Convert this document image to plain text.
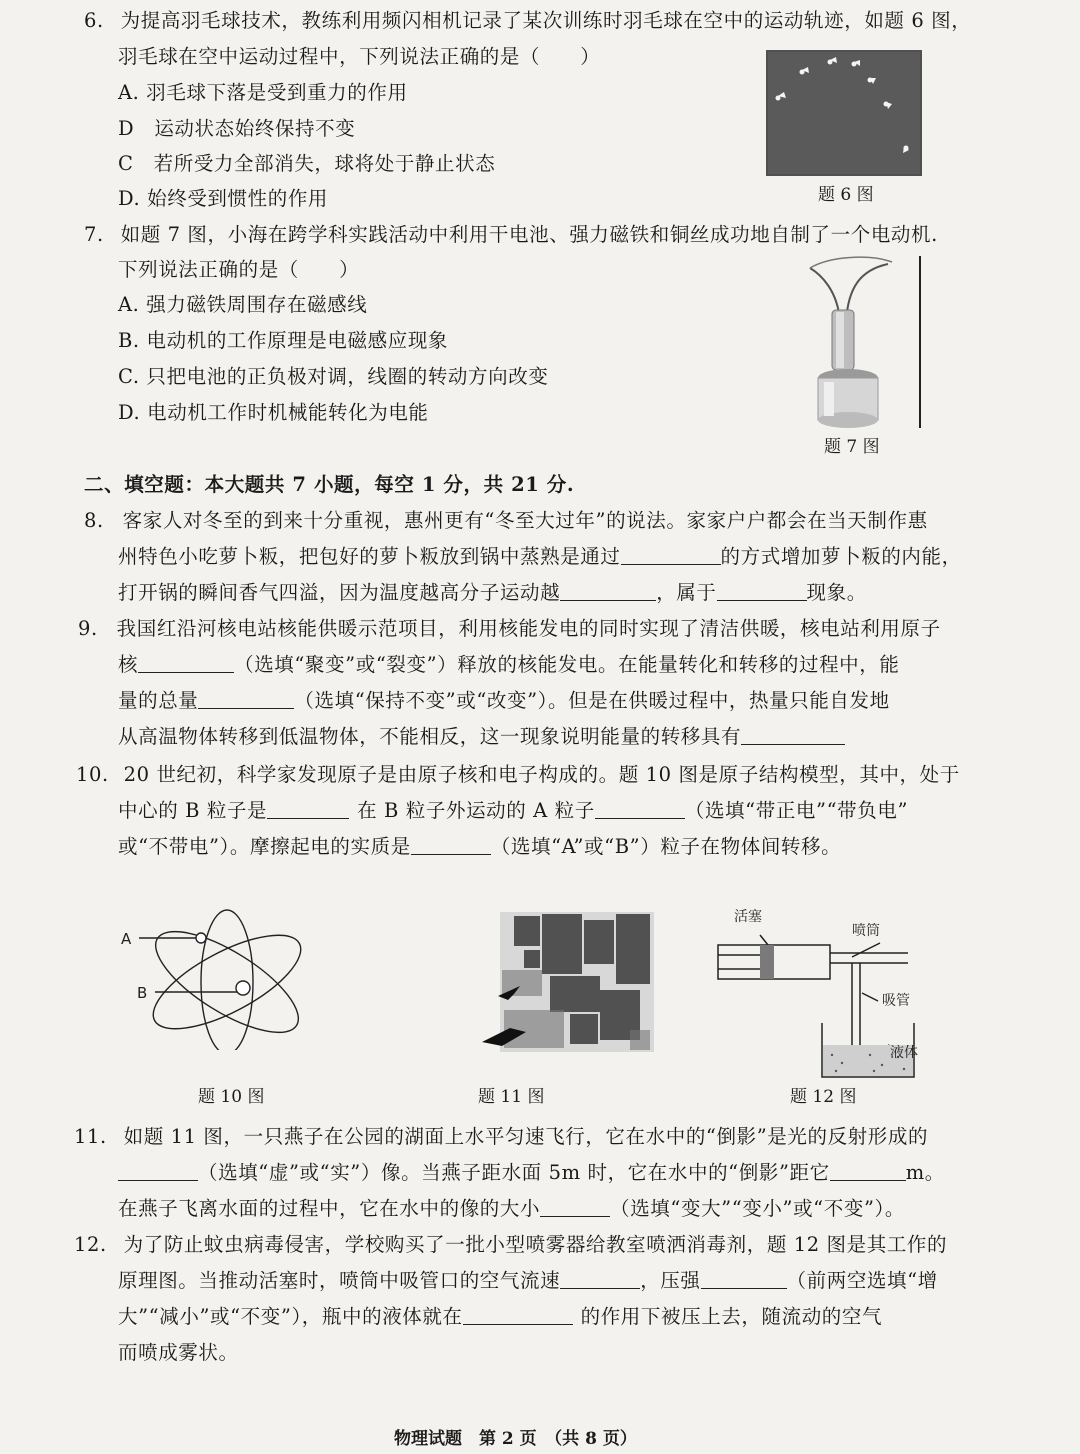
6. 为提高羽毛球技术，教练利用频闪相机记录了某次训练时羽毛球在空中的运动轨迹，如题 6 图，
羽毛球在空中运动过程中，下列说法正确的是（　　）
A. 羽毛球下落是受到重力的作用
D　运动状态始终保持不变
C　若所受力全部消失，球将处于静止状态
D. 始终受到惯性的作用	题 6 图
7. 如题 7 图，小海在跨学科实践活动中利用干电池、强力磁铁和铜丝成功地自制了一个电动机.
下列说法正确的是（　　）
A. 强力磁铁周围存在磁感线
B. 电动机的工作原理是电磁感应现象
C. 只把电池的正负极对调，线圈的转动方向改变
D. 电动机工作时机械能转化为电能
题 7 图
二、填空题：本大题共 7 小题，每空 1 分，共 21 分.
8. 客家人对冬至的到来十分重视，惠州更有“冬至大过年”的说法。家家户户都会在当天制作惠
州特色小吃萝卜粄，把包好的萝卜粄放到锅中蒸熟是通过	的方式增加萝卜粄的内能，
打开锅的瞬间香气四溢，因为温度越高分子运动越	，属于	现象。
9. 我国红沿河核电站核能供暖示范项目，利用核能发电的同时实现了清洁供暖，核电站利用原子
核	（选填“聚变”或“裂变”）释放的核能发电。在能量转化和转移的过程中，能
量的总量	（选填“保持不变”或“改变”）。但是在供暖过程中，热量只能自发地
从高温物体转移到低温物体，不能相反，这一现象说明能量的转移具有
10. 20 世纪初，科学家发现原子是由原子核和电子构成的。题 10 图是原子结构模型，其中，处于
中心的 B 粒子是	在 B 粒子外运动的 A 粒子	（选填“带正电”“带负电”
或“不带电”）。摩擦起电的实质是	（选填“A”或“B”）粒子在物体间转移。
A
B
题 10 图	题 11 图
活塞
喷筒
吸管
液体
题 12 图
11. 如题 11 图，一只燕子在公园的湖面上水平匀速飞行，它在水中的“倒影”是光的反射形成的
（选填“虚”或“实”）像。当燕子距水面 5m 时，它在水中的“倒影”距它	m。
在燕子飞离水面的过程中，它在水中的像的大小	（选填“变大”“变小”或“不变”）。
12. 为了防止蚊虫病毒侵害，学校购买了一批小型喷雾器给教室喷洒消毒剂，题 12 图是其工作的
原理图。当推动活塞时，喷筒中吸管口的空气流速	，压强	（前两空选填“增
大”“减小”或“不变”），瓶中的液体就在	的作用下被压上去，随流动的空气
而喷成雾状。
物理试题　第 2 页　（共 8 页）
